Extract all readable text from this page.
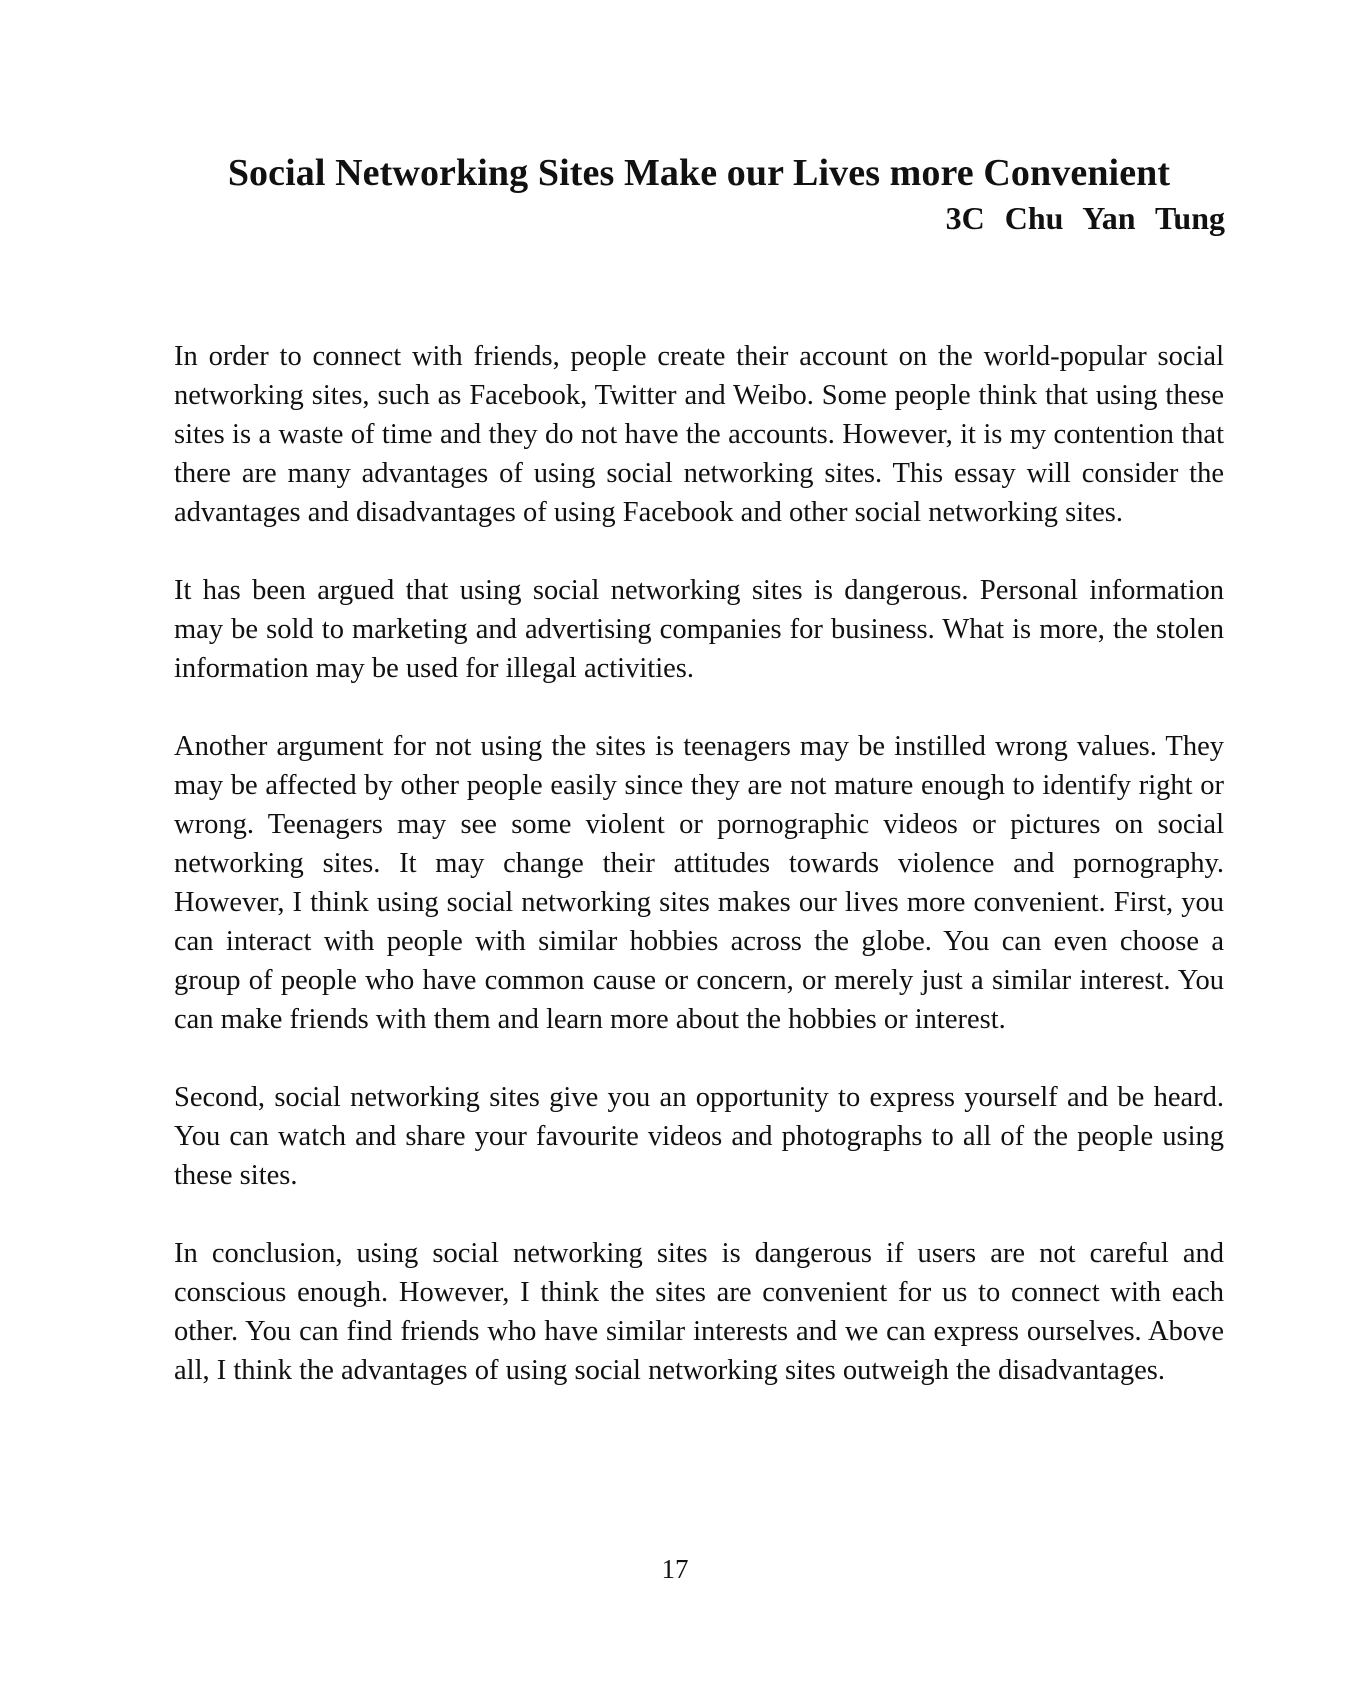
Social Networking Sites Make our Lives more Convenient

3C Chu Yan Tung

In order to connect with friends, people create their account on the world-popular social networking sites, such as Facebook, Twitter and Weibo. Some people think that using these sites is a waste of time and they do not have the accounts. However, it is my contention that there are many advantages of using social networking sites. This essay will consider the advantages and disadvantages of using Facebook and other social networking sites.

It has been argued that using social networking sites is dangerous. Personal information may be sold to marketing and advertising companies for business. What is more, the stolen information may be used for illegal activities.

Another argument for not using the sites is teenagers may be instilled wrong values. They may be affected by other people easily since they are not mature enough to identify right or wrong. Teenagers may see some violent or pornographic videos or pictures on social networking sites. It may change their attitudes towards violence and pornography. However, I think using social networking sites makes our lives more convenient. First, you can interact with people with similar hobbies across the globe. You can even choose a group of people who have common cause or concern, or merely just a similar interest. You can make friends with them and learn more about the hobbies or interest.

Second, social networking sites give you an opportunity to express yourself and be heard. You can watch and share your favourite videos and photographs to all of the people using these sites.

In conclusion, using social networking sites is dangerous if users are not careful and conscious enough. However, I think the sites are convenient for us to connect with each other. You can find friends who have similar interests and we can express ourselves. Above all, I think the advantages of using social networking sites outweigh the disadvantages.

17
